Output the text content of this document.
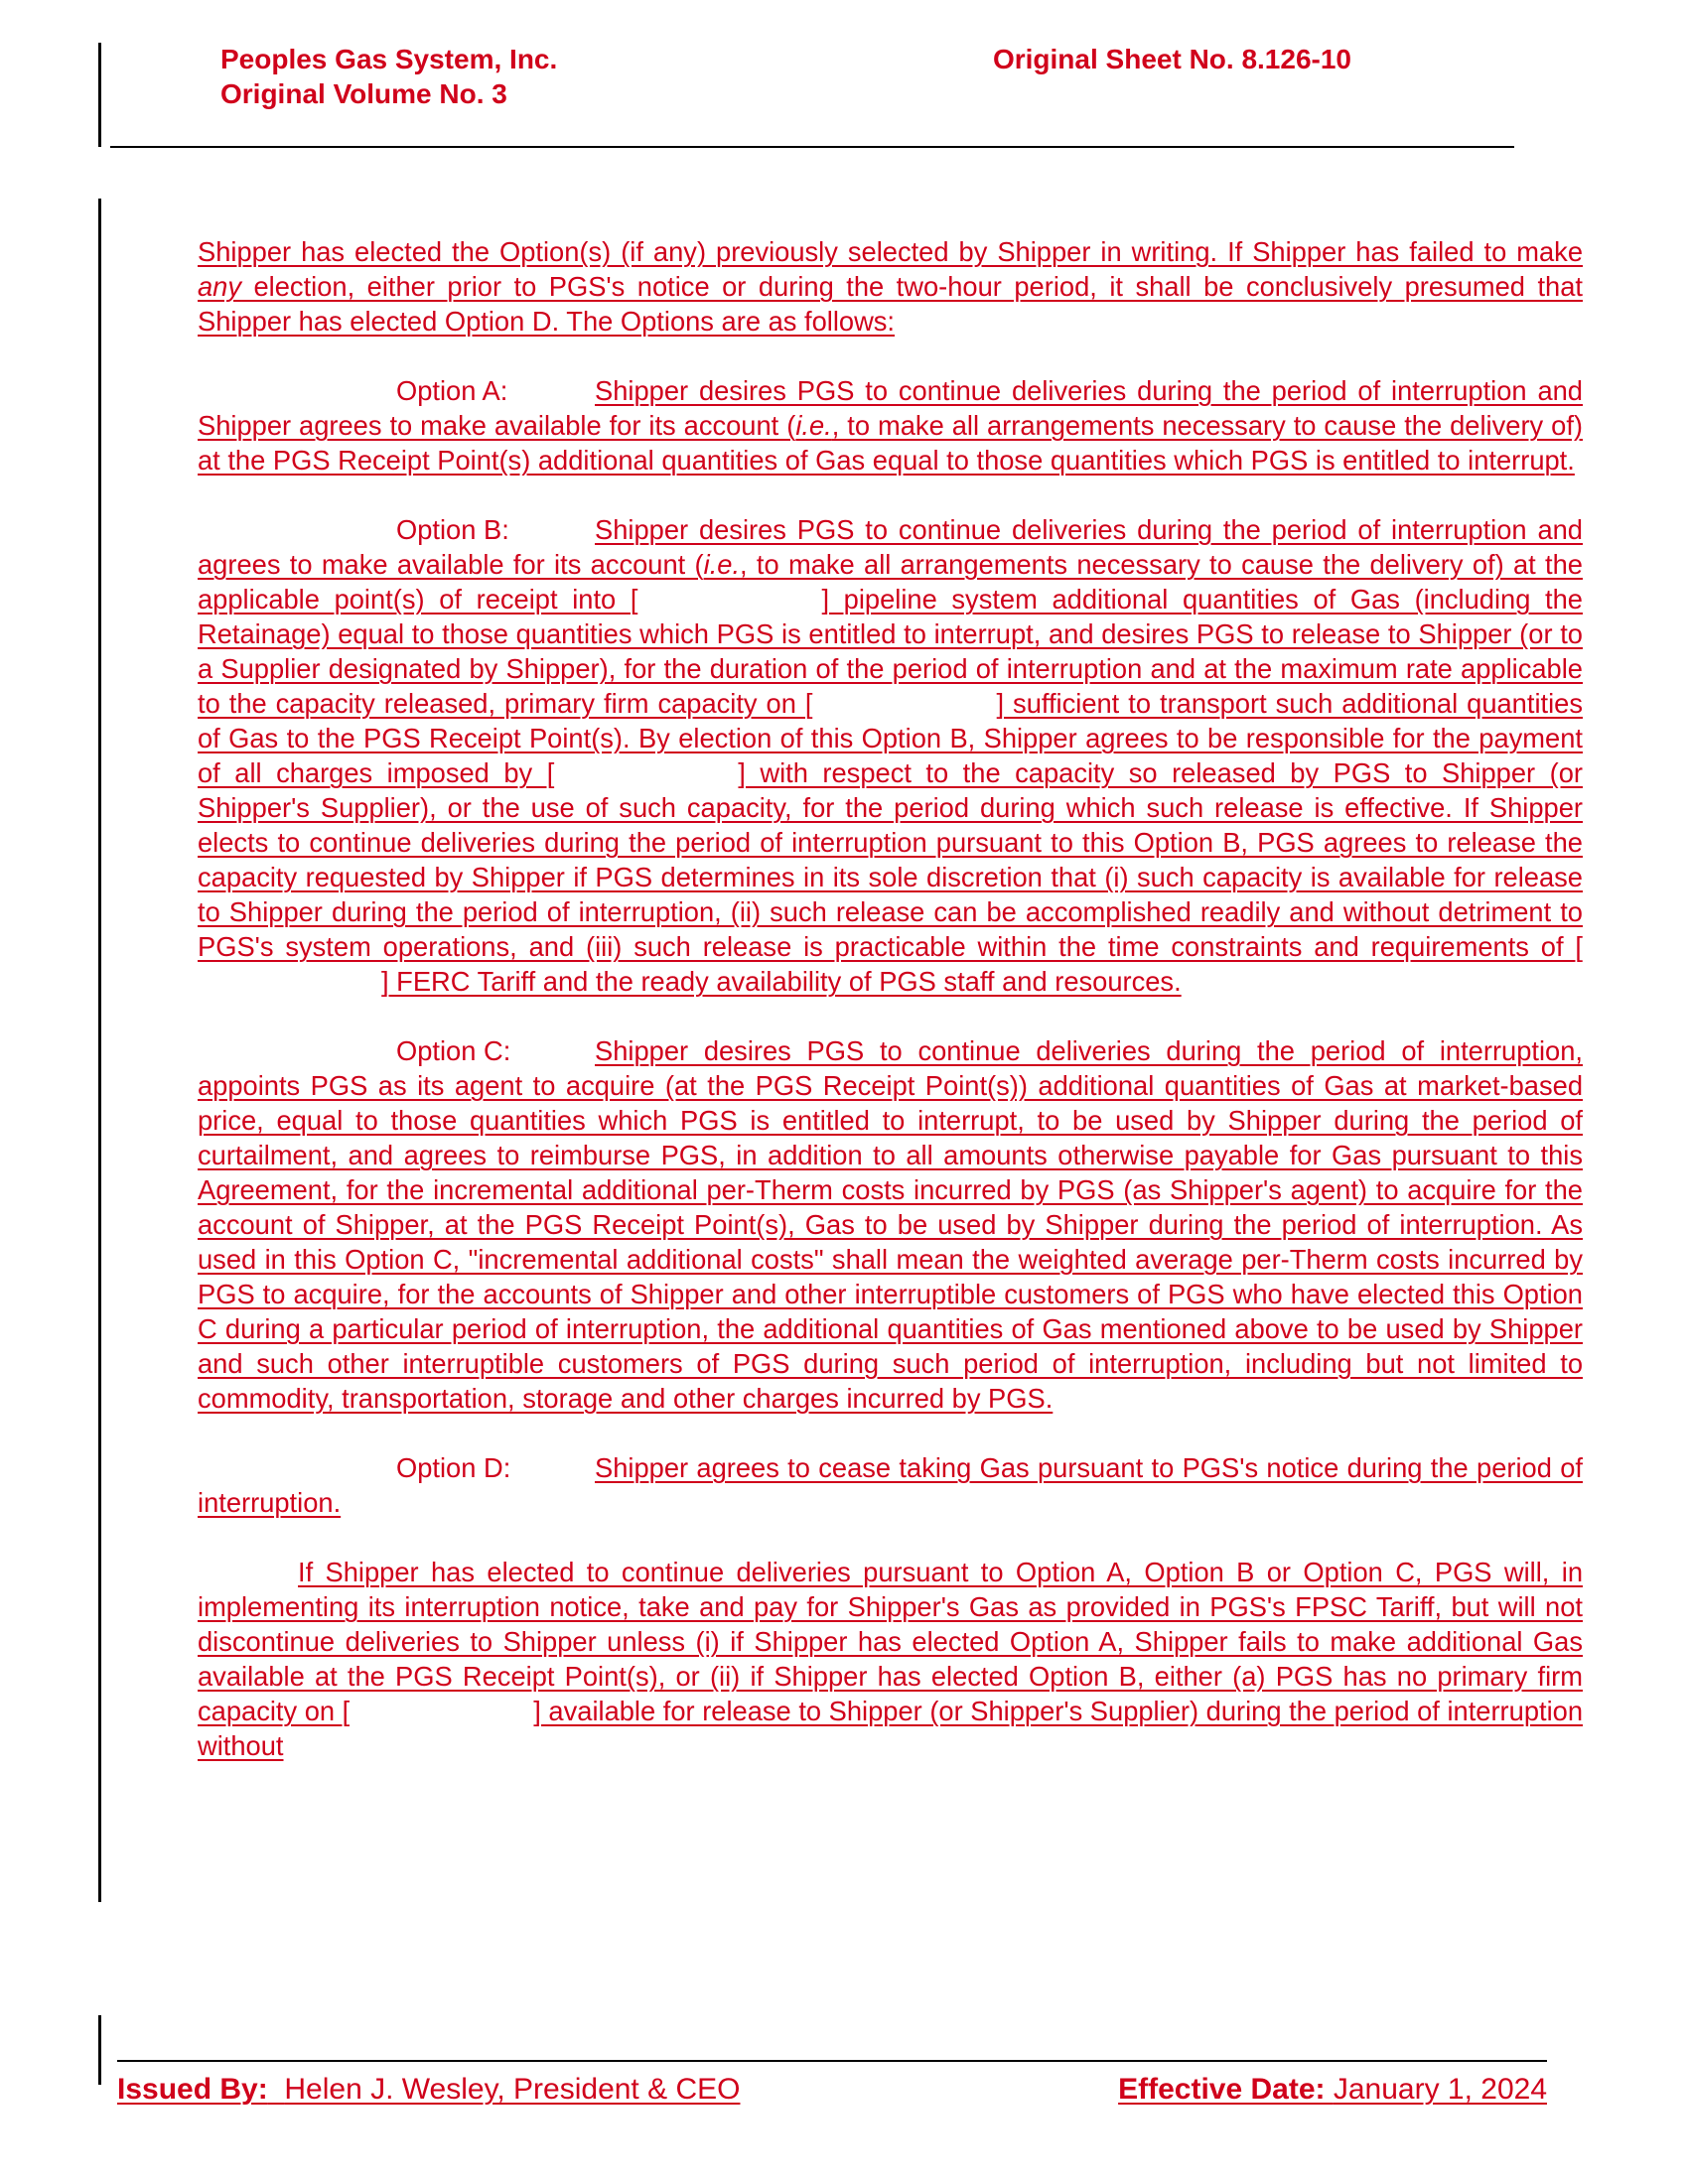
Peoples Gas System, Inc.	Original Sheet No. 8.126-10
Original Volume No. 3

Shipper has elected the Option(s) (if any) previously selected by Shipper in writing. If Shipper has failed to make any election, either prior to PGS's notice or during the two-hour period, it shall be conclusively presumed that Shipper has elected Option D. The Options are as follows:

Option A:	Shipper desires PGS to continue deliveries during the period of interruption and Shipper agrees to make available for its account (i.e., to make all arrangements necessary to cause the delivery of) at the PGS Receipt Point(s) additional quantities of Gas equal to those quantities which PGS is entitled to interrupt.

Option B:	Shipper desires PGS to continue deliveries during the period of interruption and agrees to make available for its account (i.e., to make all arrangements necessary to cause the delivery of) at the applicable point(s) of receipt into [	] pipeline system additional quantities of Gas (including the Retainage) equal to those quantities which PGS is entitled to interrupt, and desires PGS to release to Shipper (or to a Supplier designated by Shipper), for the duration of the period of interruption and at the maximum rate applicable to the capacity released, primary firm capacity on [	] sufficient to transport such additional quantities of Gas to the PGS Receipt Point(s). By election of this Option B, Shipper agrees to be responsible for the payment of all charges imposed by [	] with respect to the capacity so released by PGS to Shipper (or Shipper's Supplier), or the use of such capacity, for the period during which such release is effective. If Shipper elects to continue deliveries during the period of interruption pursuant to this Option B, PGS agrees to release the capacity requested by Shipper if PGS determines in its sole discretion that (i) such capacity is available for release to Shipper during the period of interruption, (ii) such release can be accomplished readily and without detriment to PGS's system operations, and (iii) such release is practicable within the time constraints and requirements of [] FERC Tariff and the ready availability of PGS staff and resources.

Option C:	Shipper desires PGS to continue deliveries during the period of interruption, appoints PGS as its agent to acquire (at the PGS Receipt Point(s)) additional quantities of Gas at market-based price, equal to those quantities which PGS is entitled to interrupt, to be used by Shipper during the period of curtailment, and agrees to reimburse PGS, in addition to all amounts otherwise payable for Gas pursuant to this Agreement, for the incremental additional per-Therm costs incurred by PGS (as Shipper's agent) to acquire for the account of Shipper, at the PGS Receipt Point(s), Gas to be used by Shipper during the period of interruption. As used in this Option C, "incremental additional costs" shall mean the weighted average per-Therm costs incurred by PGS to acquire, for the accounts of Shipper and other interruptible customers of PGS who have elected this Option C during a particular period of interruption, the additional quantities of Gas mentioned above to be used by Shipper and such other interruptible customers of PGS during such period of interruption, including but not limited to commodity, transportation, storage and other charges incurred by PGS.

Option D:	Shipper agrees to cease taking Gas pursuant to PGS's notice during the period of interruption.

If Shipper has elected to continue deliveries pursuant to Option A, Option B or Option C, PGS will, in implementing its interruption notice, take and pay for Shipper's Gas as provided in PGS's FPSC Tariff, but will not discontinue deliveries to Shipper unless (i) if Shipper has elected Option A, Shipper fails to make additional Gas available at the PGS Receipt Point(s), or (ii) if Shipper has elected Option B, either (a) PGS has no primary firm capacity on [	] available for release to Shipper (or Shipper's Supplier) during the period of interruption without

Issued By: Helen J. Wesley, President & CEO	Effective Date: January 1, 2024
